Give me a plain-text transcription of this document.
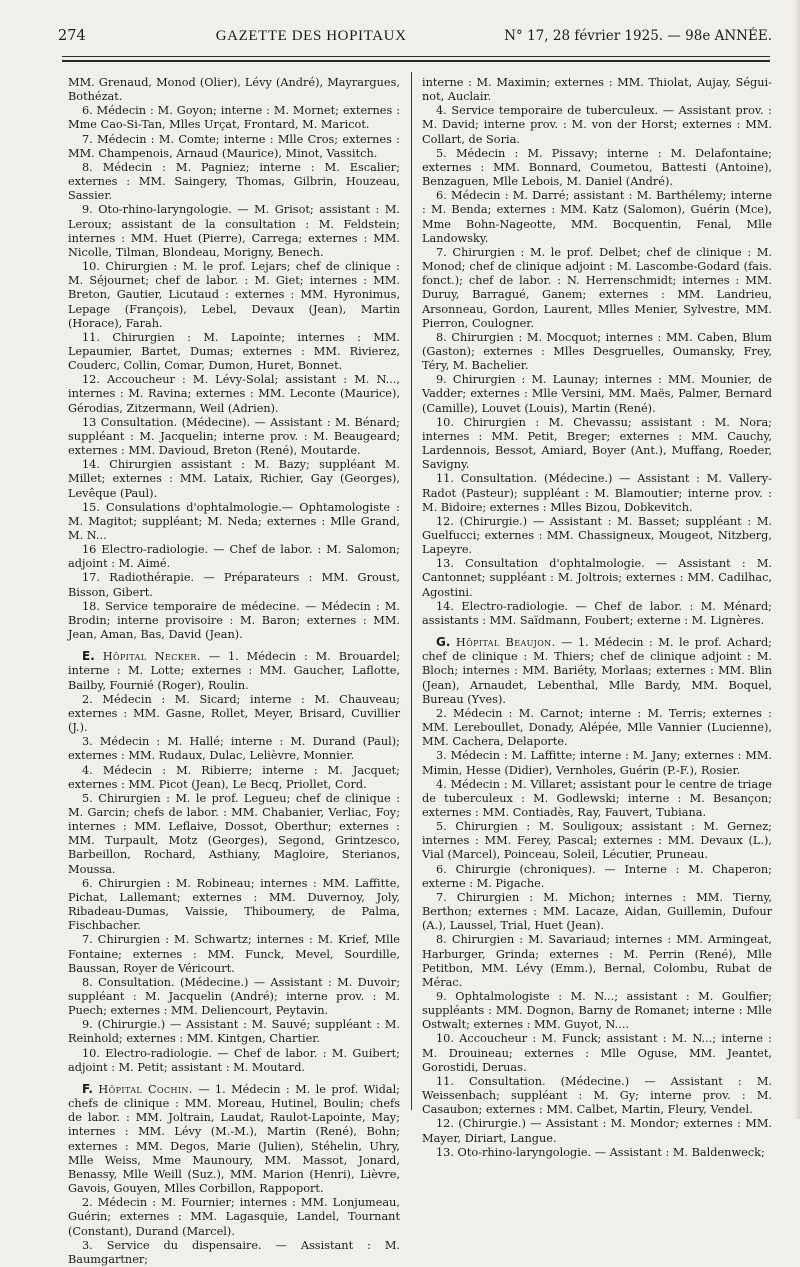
274	GAZETTE DES HOPITAUX	N° 17, 28 février 1925. — 98e ANNÉE.

MM. Grenaud, Monod (Olier), Lévy (André), Mayrargues, Bothézat.

6. Médecin : M. Goyon; interne : M. Mornet; externes : Mme Cao-Si-Tan, Mlles Urçat, Frontard, M. Maricot.

7. Médecin : M. Comte; interne : Mlle Cros; externes : MM. Champenois, Arnaud (Maurice), Minot, Vassitch.

8. Médecin : M. Pagniez; interne : M. Escalier; externes : MM. Saingery, Thomas, Gilbrin, Houzeau, Sassier.

9. Oto-rhino-laryngologie. — M. Grisot; assistant : M. Leroux; assistant de la consultation : M. Feldstein; internes : MM. Huet (Pierre), Carrega; externes : MM. Nicolle, Tilman, Blondeau, Morigny, Benech.

10. Chirurgien : M. le prof. Lejars; chef de clinique : M. Séjournet; chef de labor. : M. Giet; internes : MM. Breton, Gautier, Licutaud : externes : MM. Hyronimus, Lepage (François), Lebel, Devaux (Jean), Martin (Horace), Farah.

11. Chirurgien : M. Lapointe; internes : MM. Lepaumier, Bartet, Dumas; externes : MM. Rivierez, Couderc, Collin, Comar, Dumon, Huret, Bonnet.

12. Accoucheur : M. Lévy-Solal; assistant : M. N..., internes : M. Ravina; externes : MM. Leconte (Maurice), Gérodias, Zitzermann, Weil (Adrien).

13 Consultation. (Médecine). — Assistant : M. Bénard; suppléant : M. Jacquelin; interne prov. : M. Beaugeard; externes : MM. Davioud, Breton (René), Moutarde.

14. Chirurgien assistant : M. Bazy; suppléant M. Millet; externes : MM. Lataix, Richier, Gay (Georges), Levêque (Paul).

15. Consulations d'ophtalmologie.— Ophtamologiste : M. Magitot; suppléant; M. Neda; externes : Mlle Grand, M. N...

16 Electro-radiologie. — Chef de labor. : M. Salomon; adjoint : M. Aimé.

17. Radiothérapie. — Préparateurs : MM. Groust, Bisson, Gibert.

18. Service temporaire de médecine. — Médecin : M. Brodin; interne provisoire : M. Baron; externes : MM. Jean, Aman, Bas, David (Jean).

E. Hôpital Necker. — 1. Médecin : M. Brouardel; interne : M. Lotte; externes : MM. Gaucher, Laflotte, Bailby, Fournié (Roger), Roulin.

2. Médecin : M. Sicard; interne : M. Chauveau; externes : MM. Gasne, Rollet, Meyer, Brisard, Cuvillier (J.).

3. Médecin : M. Hallé; interne : M. Durand (Paul); externes : MM. Rudaux, Dulac, Lelièvre, Monnier.

4. Médecin : M. Ribierre; interne : M. Jacquet; externes : MM. Picot (Jean), Le Becq, Priollet, Cord.

5. Chirurgien : M. le prof. Legueu; chef de clinique : M. Garcin; chefs de labor. : MM. Chabanier, Verliac, Foy; internes : MM. Leflaive, Dossot, Oberthur; externes : MM. Turpault, Motz (Georges), Segond, Grintzesco, Barbeillon, Rochard, Asthiany, Magloire, Sterianos, Moussa.

6. Chirurgien : M. Robineau; internes : MM. Laffitte, Pichat, Lallemant; externes : MM. Duvernoy, Joly, Ribadeau-Dumas, Vaissie, Thiboumery, de Palma, Fischbacher.

7. Chirurgien : M. Schwartz; internes : M. Krief, Mlle Fontaine; externes : MM. Funck, Mevel, Sourdille, Baussan, Royer de Véricourt.

8. Consultation. (Médecine.) — Assistant : M. Duvoir; suppléant : M. Jacquelin (André); interne prov. : M. Puech; externes : MM. Deliencourt, Peytavin.

9. (Chirurgie.) — Assistant : M. Sauvé; suppléant : M. Reinhold; externes : MM. Kintgen, Chartier.

10. Electro-radiologie. — Chef de labor. : M. Guibert; adjoint : M. Petit; assistant : M. Moutard.

F. Hôpital Cochin. — 1. Médecin : M. le prof. Widal; chefs de clinique : MM. Moreau, Hutinel, Boulin; chefs de labor. : MM. Joltrain, Laudat, Raulot-Lapointe, May; internes : MM. Lévy (M.-M.), Martin (René), Bohn; externes : MM. Degos, Marie (Julien), Stéhelin, Uhry, Mlle Weiss, Mme Maunoury, MM. Massot, Jonard, Benassy, Mlle Weill (Suz.), MM. Marion (Henri), Lièvre, Gavois, Gouyen, Mlles Corbillon, Rappoport.

2. Médecin : M. Fournier; internes : MM. Lonjumeau, Guérin; externes : MM. Lagasquie, Landel, Tournant (Constant), Durand (Marcel).

3. Service du dispensaire. — Assistant : M. Baumgartner;

interne : M. Maximin; externes : MM. Thiolat, Aujay, Ségui-not, Auclair.

4. Service temporaire de tuberculeux. — Assistant prov. : M. David; interne prov. : M. von der Horst; externes : MM. Collart, de Soria.

5. Médecin : M. Pissavy; interne : M. Delafontaine; externes : MM. Bonnard, Coumetou, Battesti (Antoine), Benzaguen, Mlle Lebois, M. Daniel (André).

6. Médecin : M. Darré; assistant : M. Barthélemy; interne : M. Benda; externes : MM. Katz (Salomon), Guérin (Mce), Mme Bohn-Nageotte, MM. Bocquentin, Fenal, Mlle Landowsky.

7. Chirurgien : M. le prof. Delbet; chef de clinique : M. Monod; chef de clinique adjoint : M. Lascombe-Godard (fais. fonct.); chef de labor. : N. Herrenschmidt; internes : MM. Duruy, Barragué, Ganem; externes : MM. Landrieu, Arsonneau, Gordon, Laurent, Mlles Menier, Sylvestre, MM. Pierron, Coulogner.

8. Chirurgien : M. Mocquot; internes : MM. Caben, Blum (Gaston); externes : Mlles Desgruelles, Oumansky, Frey, Téry, M. Bachelier.

9. Chirurgien : M. Launay; internes : MM. Mounier, de Vadder; externes : Mlle Versini, MM. Maës, Palmer, Bernard (Camille), Louvet (Louis), Martin (René).

10. Chirurgien : M. Chevassu; assistant : M. Nora; internes : MM. Petit, Breger; externes : MM. Cauchy, Lardennois, Bessot, Amiard, Boyer (Ant.), Muffang, Roeder, Savigny.

11. Consultation. (Médecine.) — Assistant : M. Vallery-Radot (Pasteur); suppléant : M. Blamoutier; interne prov. : M. Bidoire; externes : Mlles Bizou, Dobkevitch.

12. (Chirurgie.) — Assistant : M. Basset; suppléant : M. Guelfucci; externes : MM. Chassigneux, Mougeot, Nitzberg, Lapeyre.

13. Consultation d'ophtalmologie. — Assistant : M. Cantonnet; suppléant : M. Joltrois; externes : MM. Cadilhac, Agostini.

14. Electro-radiologie. — Chef de labor. : M. Ménard; assistants : MM. Saïdmann, Foubert; externe : M. Lignères.

G. Hôpital Beaujon. — 1. Médecin : M. le prof. Achard; chef de clinique : M. Thiers; chef de clinique adjoint : M. Bloch; internes : MM. Bariéty, Morlaas; externes : MM. Blin (Jean), Arnaudet, Lebenthal, Mlle Bardy, MM. Boquel, Bureau (Yves).

2. Médecin : M. Carnot; interne : M. Terris; externes : MM. Lereboullet, Donady, Alépée, Mlle Vannier (Lucienne), MM. Cachera, Delaporte.

3. Médecin : M. Laffitte; interne : M. Jany; externes : MM. Mimin, Hesse (Didier), Vernholes, Guérin (P.-F.), Rosier.

4. Médecin : M. Villaret; assistant pour le centre de triage de tuberculeux : M. Godlewski; interne : M. Besançon; externes : MM. Contiadès, Ray, Fauvert, Tubiana.

5. Chirurgien : M. Souligoux; assistant : M. Gernez; internes : MM. Ferey, Pascal; externes : MM. Devaux (L.), Vial (Marcel), Poinceau, Soleil, Lécutier, Pruneau.

6. Chirurgie (chroniques). — Interne : M. Chaperon; externe : M. Pigache.

7. Chirurgien : M. Michon; internes : MM. Tierny, Berthon; externes : MM. Lacaze, Aidan, Guillemin, Dufour (A.), Laussel, Trial, Huet (Jean).

8. Chirurgien : M. Savariaud; internes : MM. Armingeat, Harburger, Grinda; externes : M. Perrin (René), Mlle Petitbon, MM. Lévy (Emm.), Bernal, Colombu, Rubat de Mérac.

9. Ophtalmologiste : M. N...; assistant : M. Goulfier; suppléants : MM. Dognon, Barny de Romanet; interne : Mlle Ostwalt; externes : MM. Guyot, N....

10. Accoucheur : M. Funck; assistant : M. N...; interne : M. Drouineau; externes : Mlle Oguse, MM. Jeantet, Gorostidi, Deruas.

11. Consultation. (Médecine.) — Assistant : M. Weissenbach; suppléant : M. Gy; interne prov. : M. Casaubon; externes : MM. Calbet, Martin, Fleury, Vendel.

12. (Chirurgie.) — Assistant : M. Mondor; externes : MM. Mayer, Diriart, Langue.

13. Oto-rhino-laryngologie. — Assistant : M. Baldenweck;
